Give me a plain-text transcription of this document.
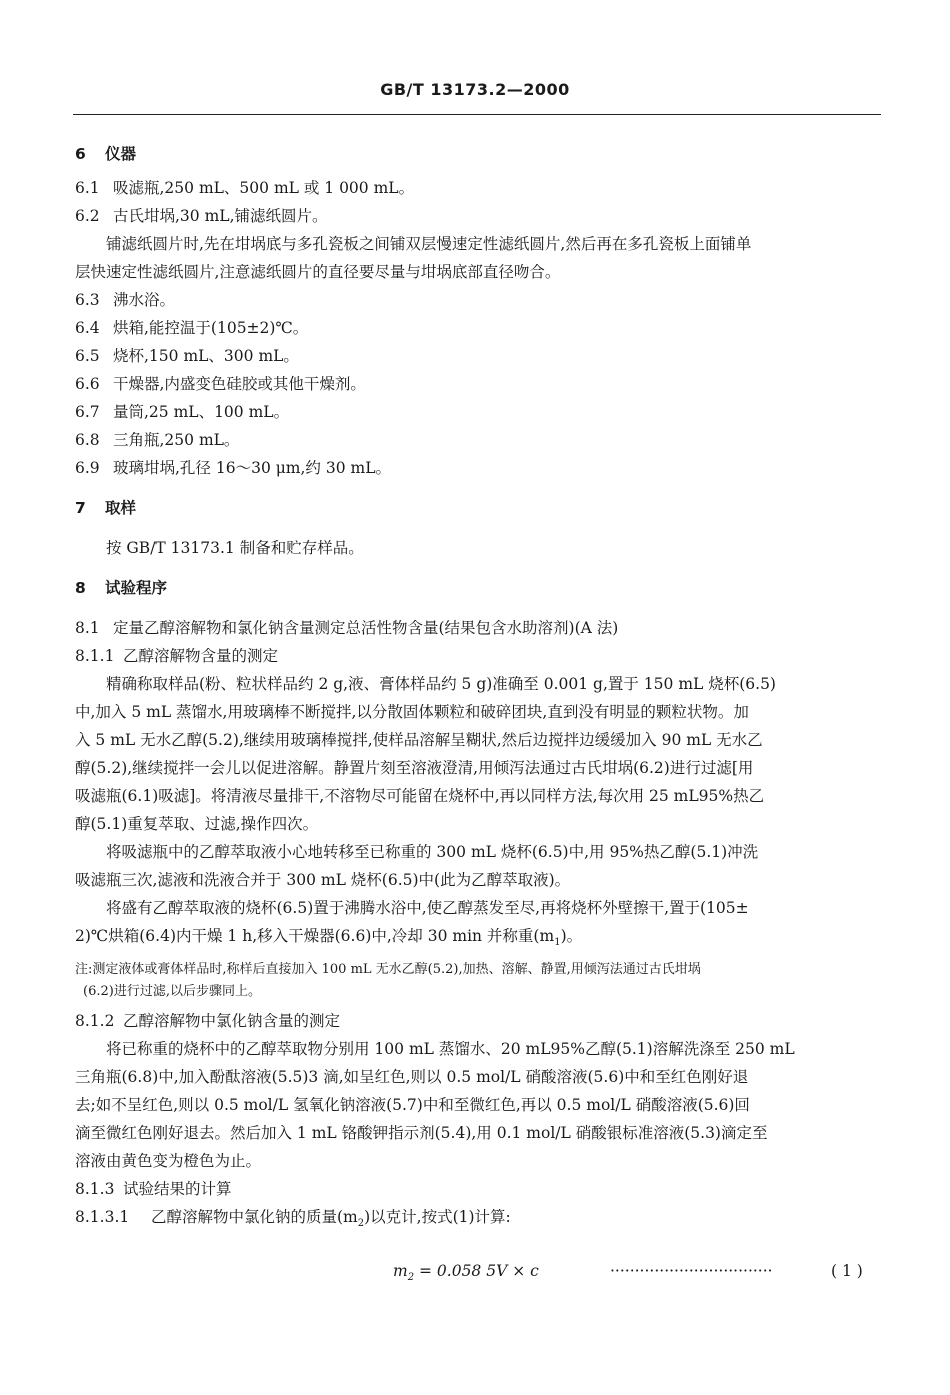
GB/T 13173.2—2000
6 仪器
6.1 吸滤瓶,250 mL、500 mL 或 1 000 mL。
6.2 古氏坩埚,30 mL,铺滤纸圆片。
铺滤纸圆片时,先在坩埚底与多孔瓷板之间铺双层慢速定性滤纸圆片,然后再在多孔瓷板上面铺单
层快速定性滤纸圆片,注意滤纸圆片的直径要尽量与坩埚底部直径吻合。
6.3 沸水浴。
6.4 烘箱,能控温于(105±2)℃。
6.5 烧杯,150 mL、300 mL。
6.6 干燥器,内盛变色硅胶或其他干燥剂。
6.7 量筒,25 mL、100 mL。
6.8 三角瓶,250 mL。
6.9 玻璃坩埚,孔径 16～30 μm,约 30 mL。
7 取样
按 GB/T 13173.1 制备和贮存样品。
8 试验程序
8.1 定量乙醇溶解物和氯化钠含量测定总活性物含量(结果包含水助溶剂)(A 法)
8.1.1 乙醇溶解物含量的测定
精确称取样品(粉、粒状样品约 2 g,液、膏体样品约 5 g)准确至 0.001 g,置于 150 mL 烧杯(6.5)
中,加入 5 mL 蒸馏水,用玻璃棒不断搅拌,以分散固体颗粒和破碎团块,直到没有明显的颗粒状物。加
入 5 mL 无水乙醇(5.2),继续用玻璃棒搅拌,使样品溶解呈糊状,然后边搅拌边缓缓加入 90 mL 无水乙
醇(5.2),继续搅拌一会儿以促进溶解。静置片刻至溶液澄清,用倾泻法通过古氏坩埚(6.2)进行过滤[用
吸滤瓶(6.1)吸滤]。将清液尽量排干,不溶物尽可能留在烧杯中,再以同样方法,每次用 25 mL95%热乙
醇(5.1)重复萃取、过滤,操作四次。
将吸滤瓶中的乙醇萃取液小心地转移至已称重的 300 mL 烧杯(6.5)中,用 95%热乙醇(5.1)冲洗
吸滤瓶三次,滤液和洗液合并于 300 mL 烧杯(6.5)中(此为乙醇萃取液)。
将盛有乙醇萃取液的烧杯(6.5)置于沸腾水浴中,使乙醇蒸发至尽,再将烧杯外壁擦干,置于(105±
2)℃烘箱(6.4)内干燥 1 h,移入干燥器(6.6)中,冷却 30 min 并称重$(m_1)$。
注:测定液体或膏体样品时,称样后直接加入 100 mL 无水乙醇(5.2),加热、溶解、静置,用倾泻法通过古氏坩埚
(6.2)进行过滤,以后步骤同上。
8.1.2 乙醇溶解物中氯化钠含量的测定
将已称重的烧杯中的乙醇萃取物分别用 100 mL 蒸馏水、20 mL95%乙醇(5.1)溶解洗涤至 250 mL
三角瓶(6.8)中,加入酚酞溶液(5.5)3 滴,如呈红色,则以 0.5 mol/L 硝酸溶液(5.6)中和至红色刚好退
去;如不呈红色,则以 0.5 mol/L 氢氧化钠溶液(5.7)中和至微红色,再以 0.5 mol/L 硝酸溶液(5.6)回
滴至微红色刚好退去。然后加入 1 mL 铬酸钾指示剂(5.4),用 0.1 mol/L 硝酸银标准溶液(5.3)滴定至
溶液由黄色变为橙色为止。
8.1.3 试验结果的计算
8.1.3.1 乙醇溶解物中氯化钠的质量$(m_2)$以克计,按式(1)计算:
$m_2 = 0.058$ 5V × c	·································	( 1 )
